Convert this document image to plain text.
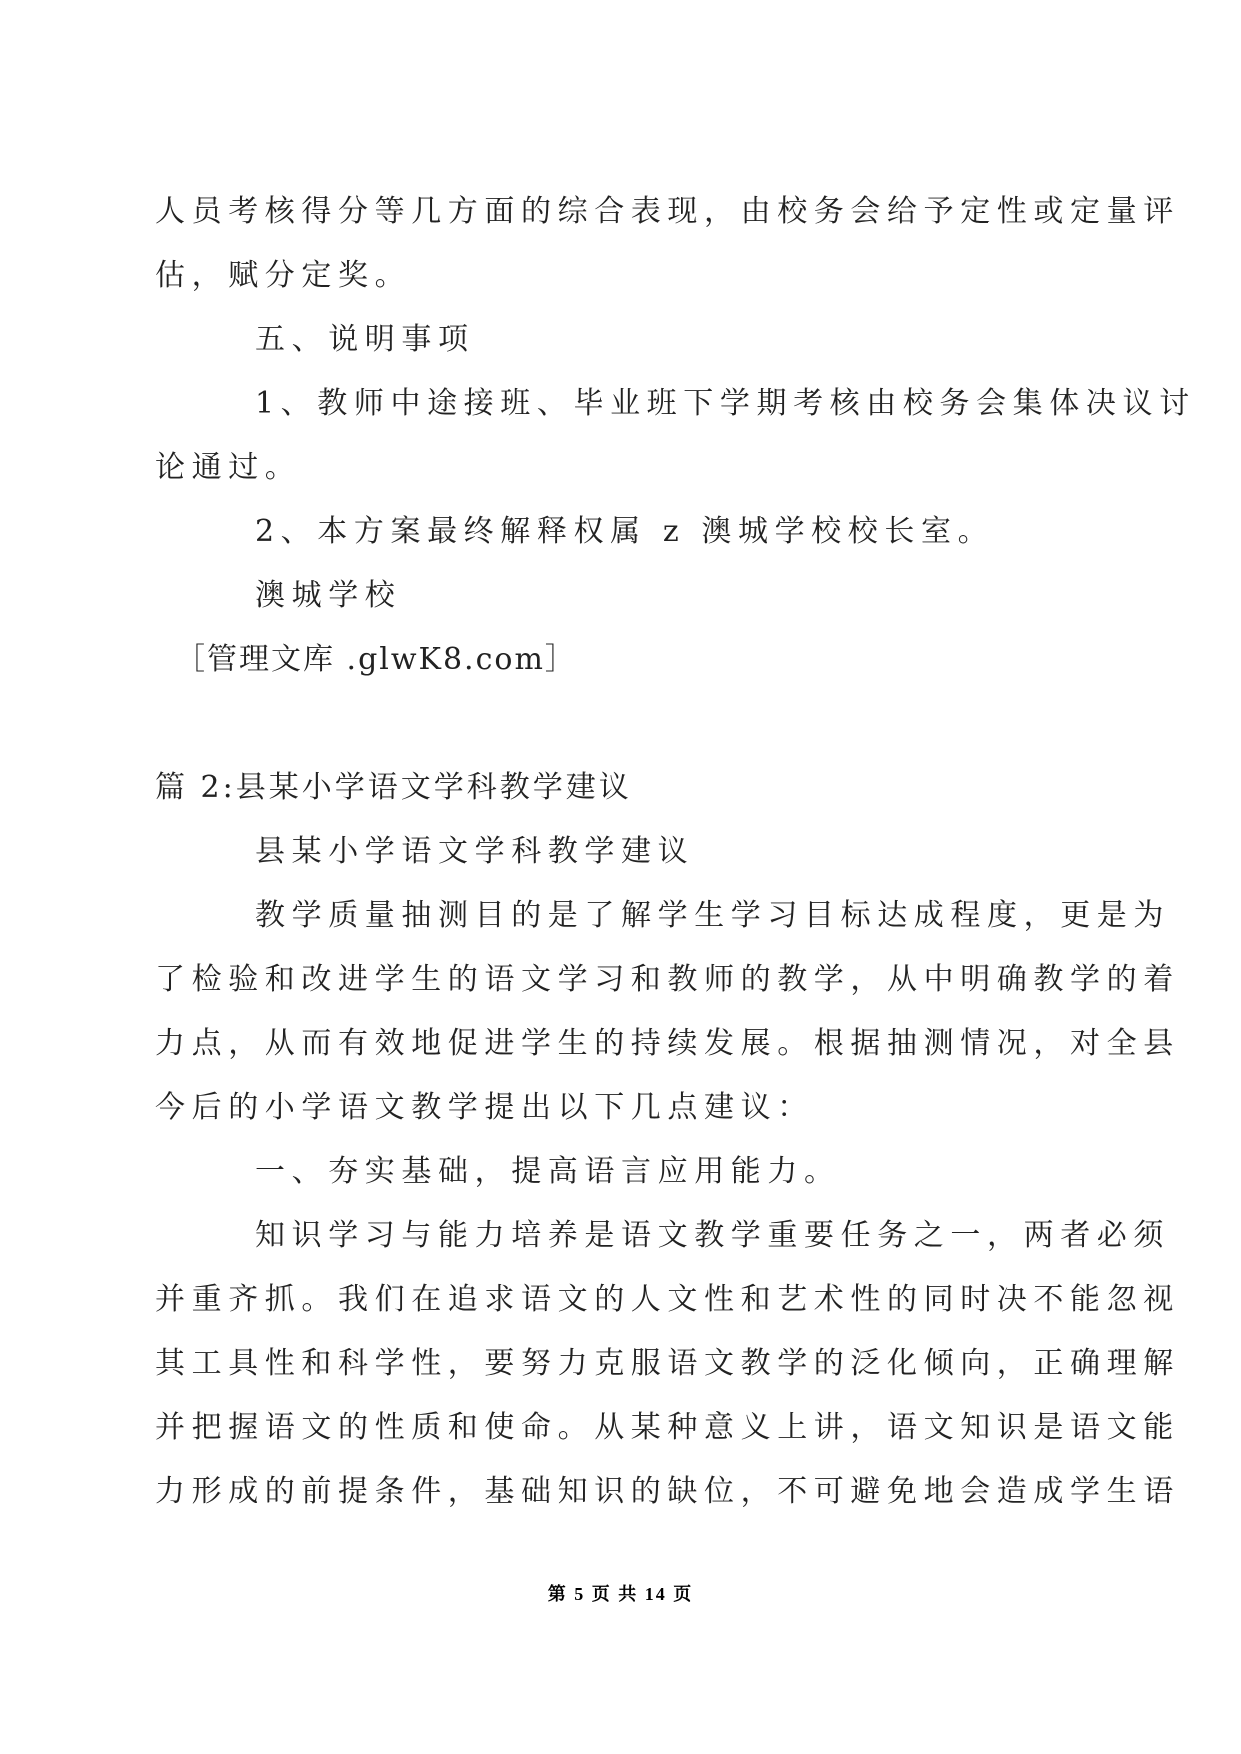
人员考核得分等几方面的综合表现，由校务会给予定性或定量评
估，赋分定奖。
五、说明事项
1、教师中途接班、毕业班下学期考核由校务会集体决议讨
论通过。
2、本方案最终解释权属 z 澳城学校校长室。
澳城学校
［管理文库 .glwK8.com］
篇 2:县某小学语文学科教学建议
县某小学语文学科教学建议
教学质量抽测目的是了解学生学习目标达成程度，更是为
了检验和改进学生的语文学习和教师的教学，从中明确教学的着
力点，从而有效地促进学生的持续发展。根据抽测情况，对全县
今后的小学语文教学提出以下几点建议：
一、夯实基础，提高语言应用能力。
知识学习与能力培养是语文教学重要任务之一，两者必须
并重齐抓。我们在追求语文的人文性和艺术性的同时决不能忽视
其工具性和科学性，要努力克服语文教学的泛化倾向，正确理解
并把握语文的性质和使命。从某种意义上讲，语文知识是语文能
力形成的前提条件，基础知识的缺位，不可避免地会造成学生语
第 5 页 共 14 页
